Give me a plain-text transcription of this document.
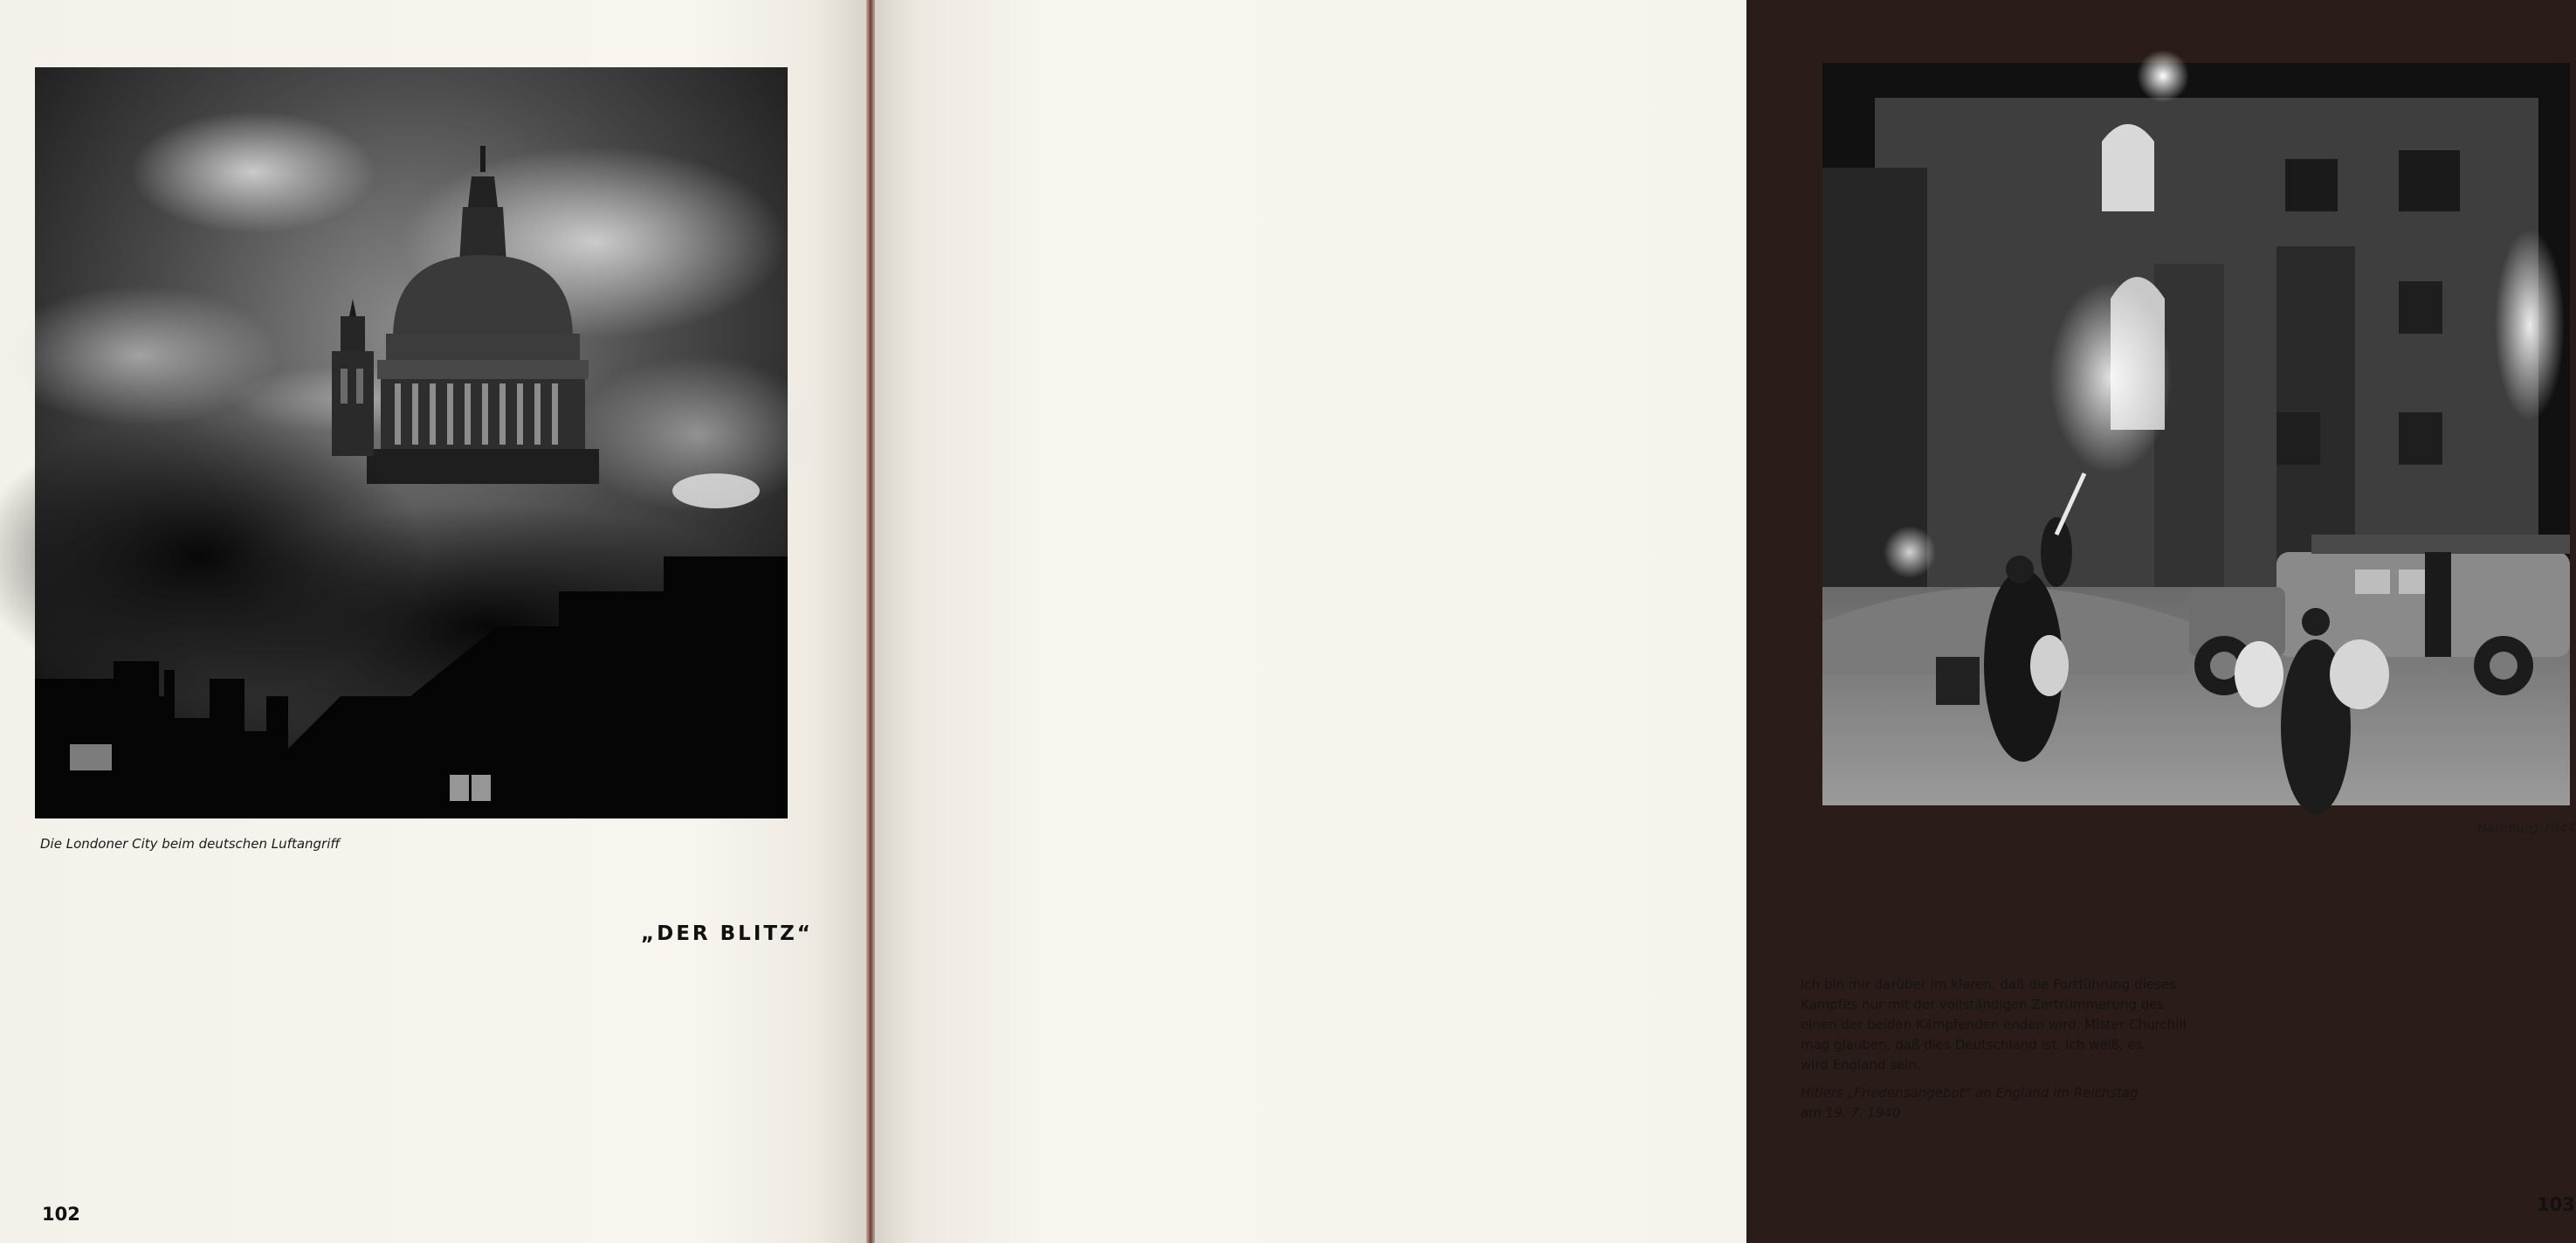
Die Londoner City beim deutschen Luftangriff
„DER BLITZ“
102
Hamburg 1944
Ich bin mir darüber im klaren, daß die Fortführung dieses
Kampfes nur mit der vollständigen Zertrümmerung des
einen der beiden Kämpfenden enden wird. Mister Churchill
mag glauben, daß dies Deutschland ist. Ich weiß, es
wird England sein.
Hitlers „Friedensangebot“ an England im Reichstag
am 19. 7. 1940
103
